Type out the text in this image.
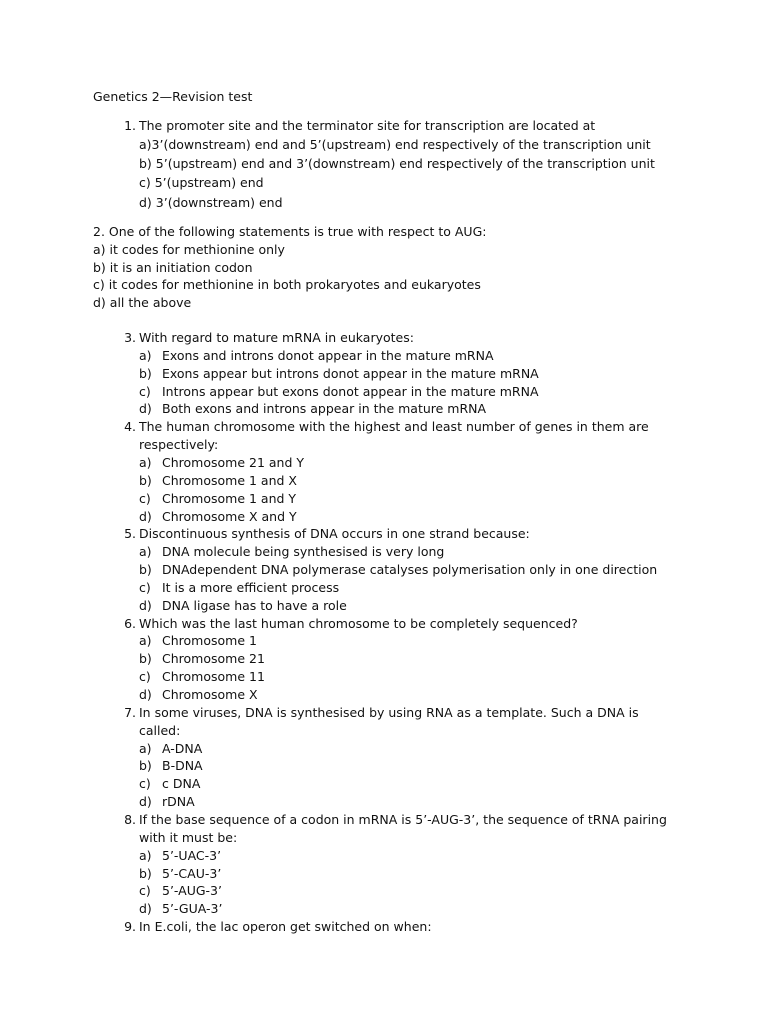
Genetics 2—Revision test
1. The promoter site and the terminator site for transcription are located at
a)3’(downstream) end and 5’(upstream) end respectively of the transcription unit
b) 5’(upstream) end and 3’(downstream) end respectively of the transcription unit
c) 5’(upstream) end
d) 3’(downstream) end
2. One of the following statements is true with respect to AUG:
a) it codes for methionine only
b) it is an initiation codon
c) it codes for methionine in both prokaryotes and eukaryotes
d) all the above
3. With regard to mature mRNA in eukaryotes:
a) Exons and introns donot appear in the mature mRNA
b) Exons appear but introns donot appear in the mature mRNA
c) Introns appear but exons donot appear in the mature mRNA
d) Both exons and introns appear in the mature mRNA
4. The human chromosome with the highest and least number of genes in them are
respectively:
a) Chromosome 21 and Y
b) Chromosome 1 and X
c) Chromosome 1 and Y
d) Chromosome X and Y
5. Discontinuous synthesis of DNA occurs in one strand because:
a) DNA molecule being synthesised is very long
b) DNAdependent DNA polymerase catalyses polymerisation only in one direction
c) It is a more efficient process
d) DNA ligase has to have a role
6. Which was the last human chromosome to be completely sequenced?
a) Chromosome 1
b) Chromosome 21
c) Chromosome 11
d) Chromosome X
7. In some viruses, DNA is synthesised by using RNA as a template. Such a DNA is
called:
a) A-DNA
b) B-DNA
c) c DNA
d) rDNA
8. If the base sequence of a codon in mRNA is 5’-AUG-3’, the sequence of tRNA pairing
with it must be:
a) 5’-UAC-3’
b) 5’-CAU-3’
c) 5’-AUG-3’
d) 5’-GUA-3’
9. In E.coli, the lac operon get switched on when:
